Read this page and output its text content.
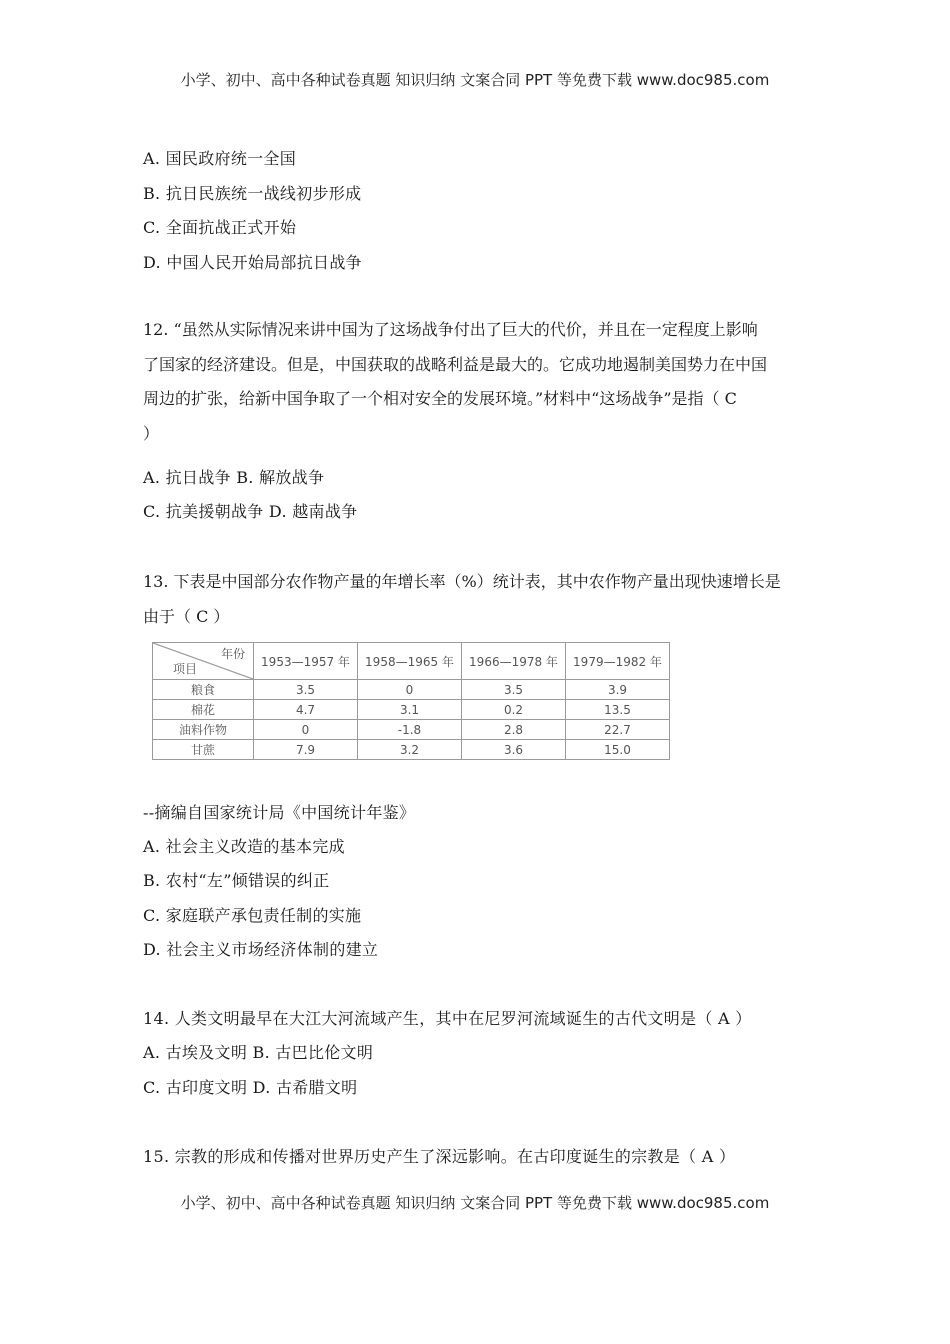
小学、初中、高中各种试卷真题 知识归纳 文案合同 PPT 等免费下载 www.doc985.com
A. 国民政府统一全国
B. 抗日民族统一战线初步形成
C. 全面抗战正式开始
D. 中国人民开始局部抗日战争
12. “虽然从实际情况来讲中国为了这场战争付出了巨大的代价，并且在一定程度上影响
了国家的经济建设。但是，中国获取的战略利益是最大的。它成功地遏制美国势力在中国
周边的扩张，给新中国争取了一个相对安全的发展环境。”材料中“这场战争”是指（ C
）
A. 抗日战争 B. 解放战争
C. 抗美援朝战争 D. 越南战争
13. 下表是中国部分农作物产量的年增长率（%）统计表，其中农作物产量出现快速增长是
由于（ C ）
年份
项目	1953—1957 年	1958—1965 年	1966—1978 年	1979—1982 年
粮食	3.5	0	3.5	3.9
棉花	4.7	3.1	0.2	13.5
油料作物	0	-1.8	2.8	22.7
甘蔗	7.9	3.2	3.6	15.0
--摘编自国家统计局《中国统计年鉴》
A. 社会主义改造的基本完成
B. 农村“左”倾错误的纠正
C. 家庭联产承包责任制的实施
D. 社会主义市场经济体制的建立
14. 人类文明最早在大江大河流域产生，其中在尼罗河流域诞生的古代文明是（ A ）
A. 古埃及文明 B. 古巴比伦文明
C. 古印度文明 D. 古希腊文明
15. 宗教的形成和传播对世界历史产生了深远影响。在古印度诞生的宗教是（ A ）
小学、初中、高中各种试卷真题 知识归纳 文案合同 PPT 等免费下载 www.doc985.com
